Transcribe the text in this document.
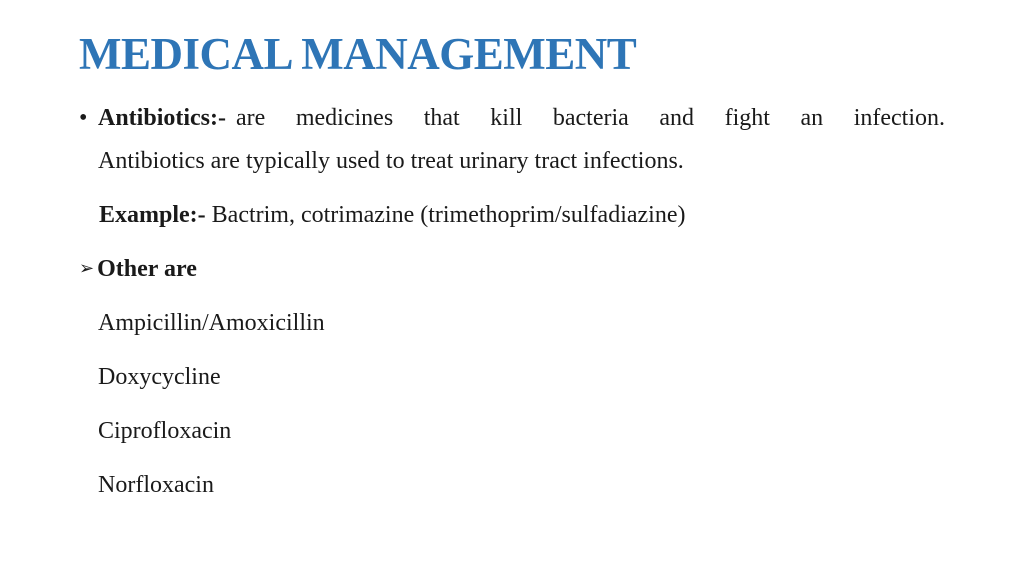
MEDICAL MANAGEMENT
• Antibiotics:- are medicines that kill bacteria and fight an infection.
Antibiotics are typically used to treat urinary tract infections.
Example:- Bactrim, cotrimazine (trimethoprim/sulfadiazine)
➢ Other are
Ampicillin/Amoxicillin
Doxycycline
Ciprofloxacin
Norfloxacin
